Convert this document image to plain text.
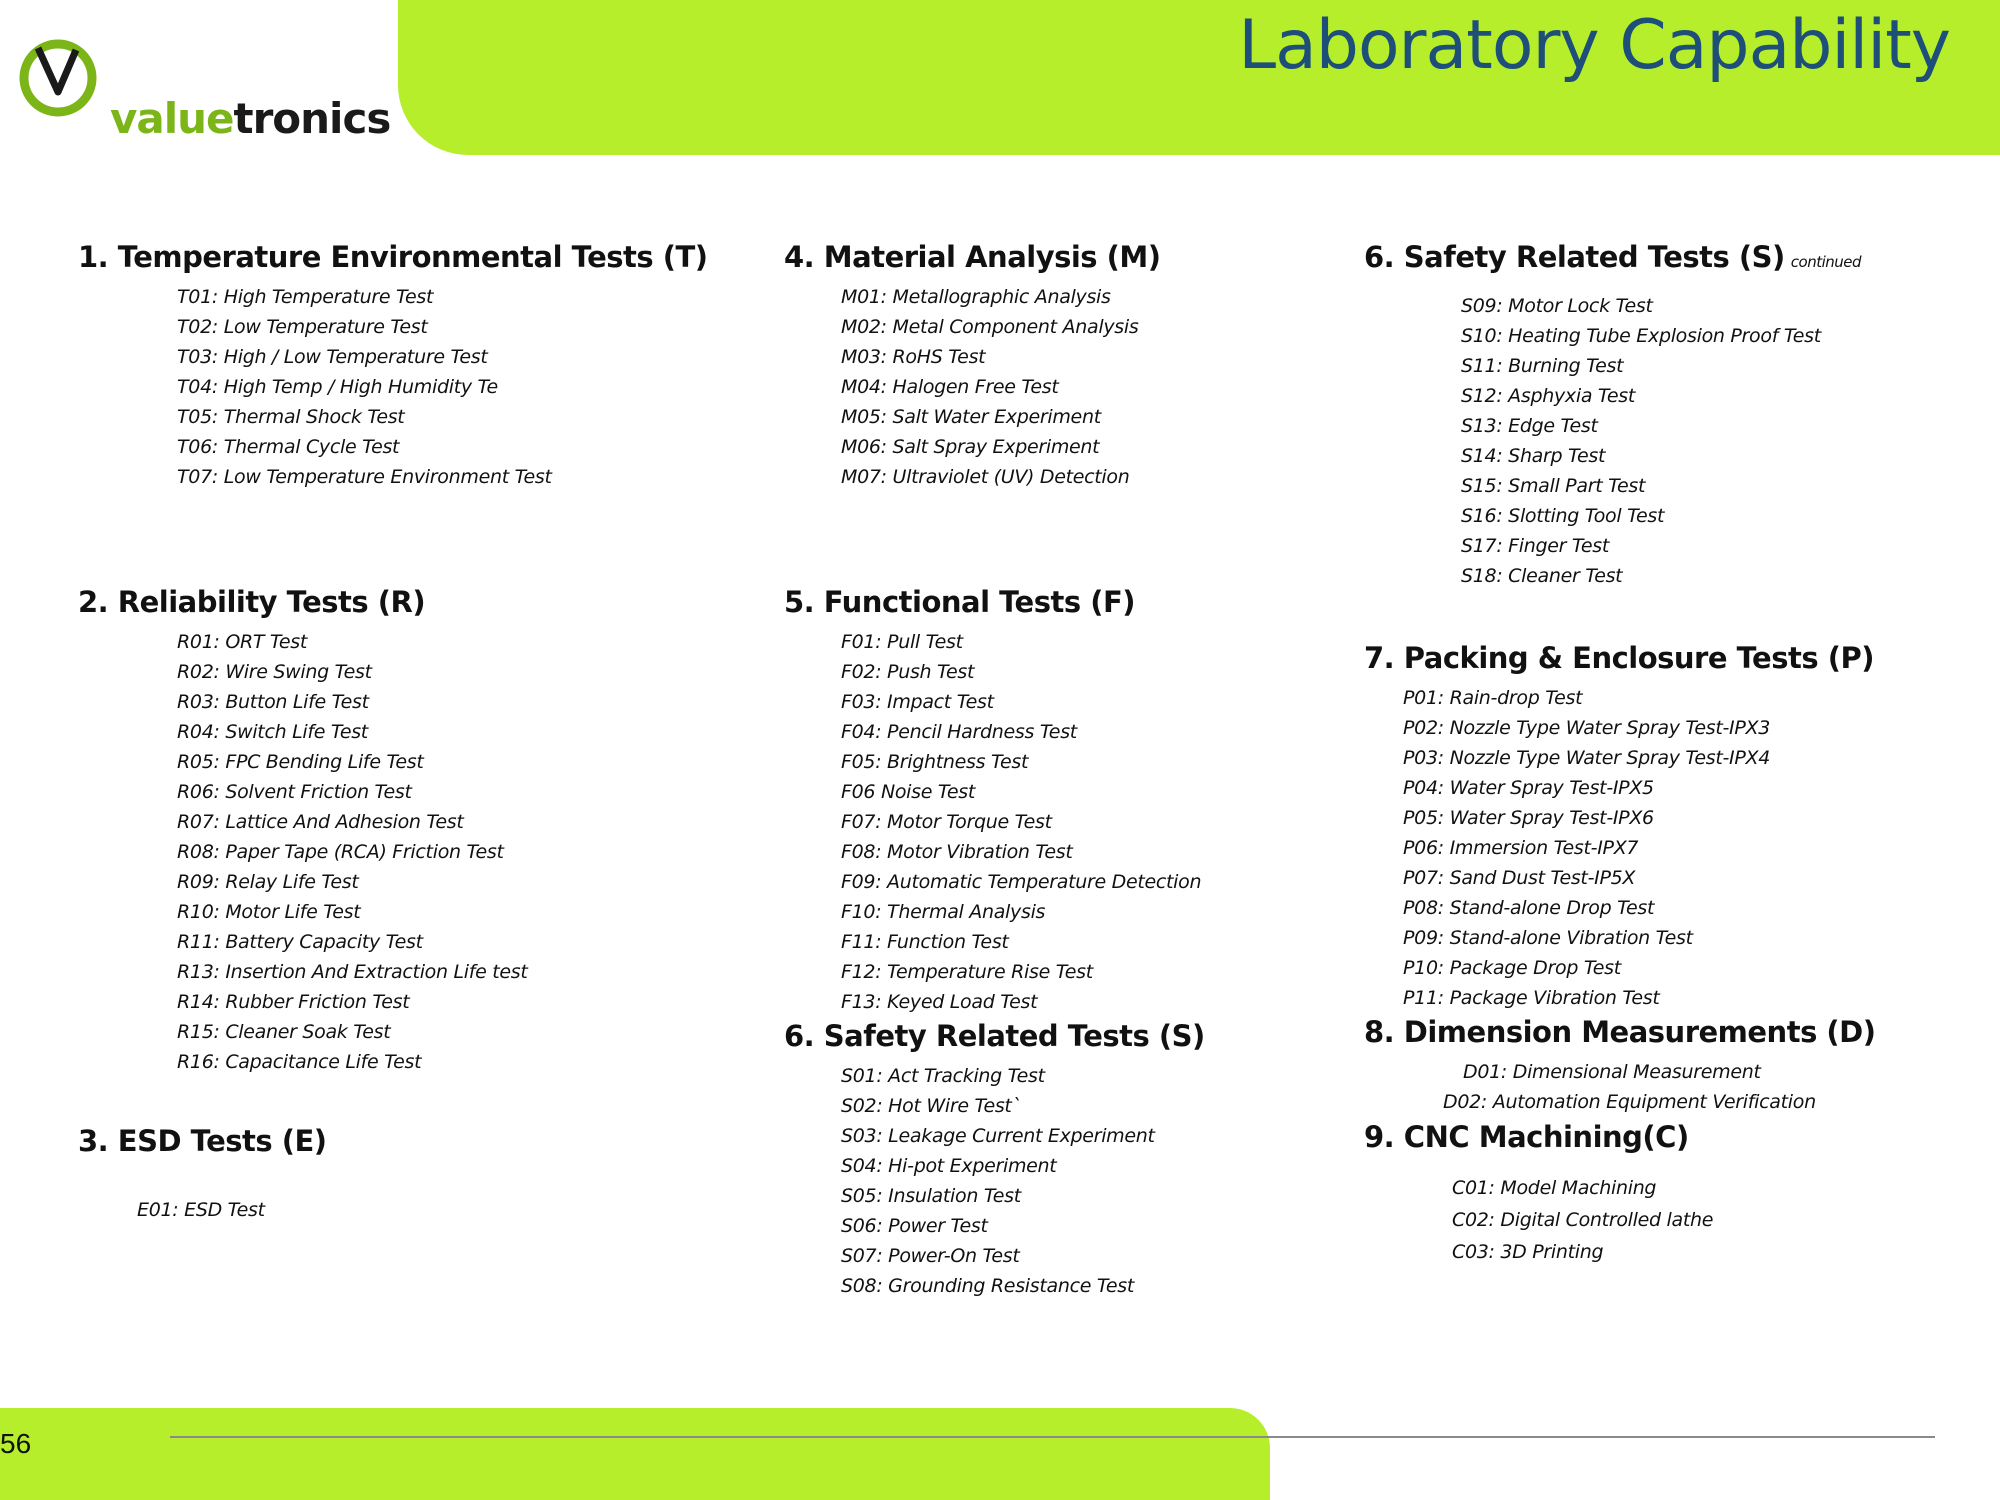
Laboratory Capability
valuetronics
1. Temperature Environmental Tests (T)
T01: High Temperature Test
T02: Low Temperature Test
T03: High / Low Temperature Test
T04: High Temp / High Humidity Te
T05: Thermal Shock Test
T06: Thermal Cycle Test
T07: Low Temperature Environment Test
2. Reliability Tests (R)
R01: ORT Test
R02: Wire Swing Test
R03: Button Life Test
R04: Switch Life Test
R05: FPC Bending Life Test
R06: Solvent Friction Test
R07: Lattice And Adhesion Test
R08: Paper Tape (RCA) Friction Test
R09: Relay Life Test
R10: Motor Life Test
R11: Battery Capacity Test
R13: Insertion And Extraction Life test
R14: Rubber Friction Test
R15: Cleaner Soak Test
R16: Capacitance Life Test
3. ESD Tests (E)
E01: ESD Test
4. Material Analysis (M)
M01: Metallographic Analysis
M02: Metal Component Analysis
M03: RoHS Test
M04: Halogen Free Test
M05: Salt Water Experiment
M06: Salt Spray Experiment
M07: Ultraviolet (UV) Detection
5. Functional Tests (F)
F01: Pull Test
F02: Push Test
F03: Impact Test
F04: Pencil Hardness Test
F05: Brightness Test
F06 Noise Test
F07: Motor Torque Test
F08: Motor Vibration Test
F09: Automatic Temperature Detection
F10: Thermal Analysis
F11: Function Test
F12: Temperature Rise Test
F13: Keyed Load Test
6. Safety Related Tests (S)
S01: Act Tracking Test
S02: Hot Wire Test`
S03: Leakage Current Experiment
S04: Hi-pot Experiment
S05: Insulation Test
S06: Power Test
S07: Power-On Test
S08: Grounding Resistance Test
6. Safety Related Tests (S) continued
S09: Motor Lock Test
S10: Heating Tube Explosion Proof Test
S11: Burning Test
S12: Asphyxia Test
S13: Edge Test
S14: Sharp Test
S15: Small Part Test
S16: Slotting Tool Test
S17: Finger Test
S18: Cleaner Test
7. Packing & Enclosure Tests (P)
P01: Rain-drop Test
P02: Nozzle Type Water Spray Test-IPX3
P03: Nozzle Type Water Spray Test-IPX4
P04: Water Spray Test-IPX5
P05: Water Spray Test-IPX6
P06: Immersion Test-IPX7
P07: Sand Dust Test-IP5X
P08: Stand-alone Drop Test
P09: Stand-alone Vibration Test
P10: Package Drop Test
P11: Package Vibration Test
8. Dimension Measurements (D)
D01: Dimensional Measurement
D02: Automation Equipment Verification
9. CNC Machining(C)
C01: Model Machining
C02: Digital Controlled lathe
C03: 3D Printing
56
